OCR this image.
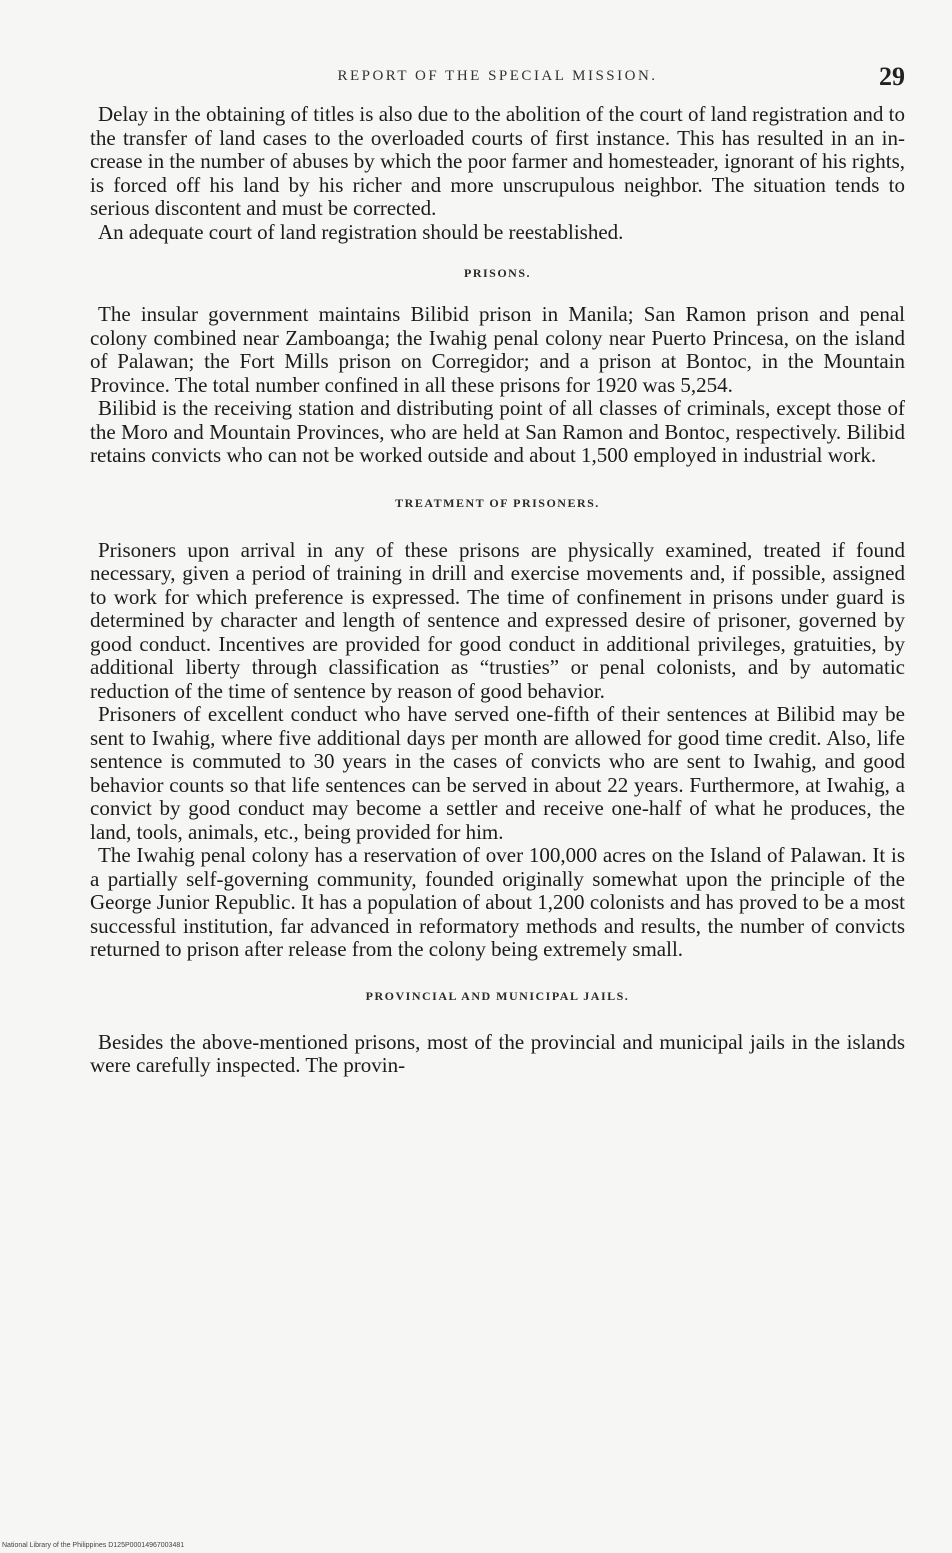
REPORT OF THE SPECIAL MISSION.	29

Delay in the obtaining of titles is also due to the abolition of the court of land registration and to the transfer of land cases to the overloaded courts of first instance. This has resulted in an increase in the number of abuses by which the poor farmer and homesteader, ignorant of his rights, is forced off his land by his richer and more unscrupulous neighbor. The situation tends to serious discontent and must be corrected.

An adequate court of land registration should be reestablished.

PRISONS.

The insular government maintains Bilibid prison in Manila; San Ramon prison and penal colony combined near Zamboanga; the Iwahig penal colony near Puerto Princesa, on the island of Palawan; the Fort Mills prison on Corregidor; and a prison at Bontoc, in the Mountain Province. The total number confined in all these prisons for 1920 was 5,254.

Bilibid is the receiving station and distributing point of all classes of criminals, except those of the Moro and Mountain Provinces, who are held at San Ramon and Bontoc, respectively. Bilibid retains convicts who can not be worked outside and about 1,500 employed in industrial work.

TREATMENT OF PRISONERS.

Prisoners upon arrival in any of these prisons are physically examined, treated if found necessary, given a period of training in drill and exercise movements and, if possible, assigned to work for which preference is expressed. The time of confinement in prisons under guard is determined by character and length of sentence and expressed desire of prisoner, governed by good conduct. Incentives are provided for good conduct in additional privileges, gratuities, by additional liberty through classification as “trusties” or penal colonists, and by automatic reduction of the time of sentence by reason of good behavior.

Prisoners of excellent conduct who have served one-fifth of their sentences at Bilibid may be sent to Iwahig, where five additional days per month are allowed for good time credit. Also, life sentence is commuted to 30 years in the cases of convicts who are sent to Iwahig, and good behavior counts so that life sentences can be served in about 22 years. Furthermore, at Iwahig, a convict by good conduct may become a settler and receive one-half of what he produces, the land, tools, animals, etc., being provided for him.

The Iwahig penal colony has a reservation of over 100,000 acres on the Island of Palawan. It is a partially self-governing community, founded originally somewhat upon the principle of the George Junior Republic. It has a population of about 1,200 colonists and has proved to be a most successful institution, far advanced in reformatory methods and results, the number of convicts returned to prison after release from the colony being extremely small.

PROVINCIAL AND MUNICIPAL JAILS.

Besides the above-mentioned prisons, most of the provincial and municipal jails in the islands were carefully inspected. The provin-

National Library of the Philippines D125P00014967003481
